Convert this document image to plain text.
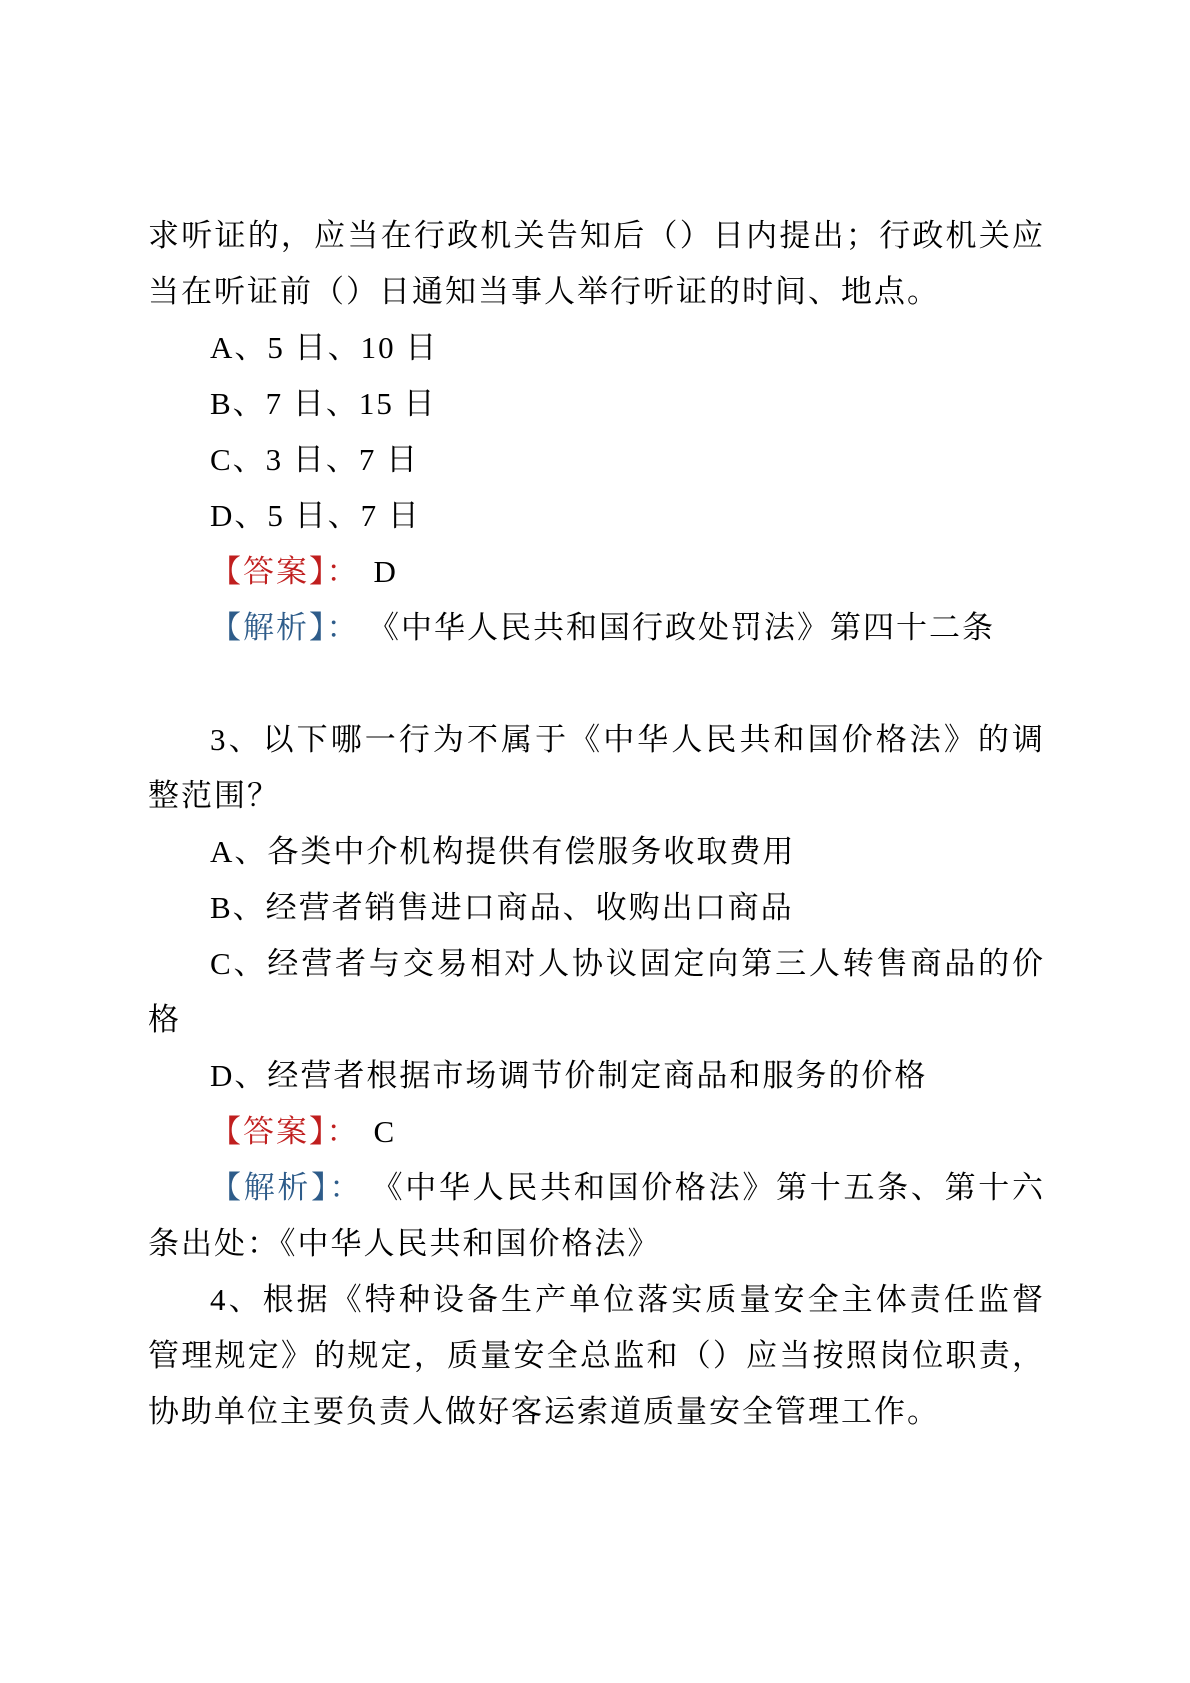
求听证的，应当在行政机关告知后（）日内提出；行政机关应当在听证前（）日通知当事人举行听证的时间、地点。

A、5 日、10 日

B、7 日、15 日

C、3 日、7 日

D、5 日、7 日

【答案】： D

【解析】： 《中华人民共和国行政处罚法》第四十二条

3、以下哪一行为不属于《中华人民共和国价格法》的调整范围？

A、各类中介机构提供有偿服务收取费用

B、经营者销售进口商品、收购出口商品

C、经营者与交易相对人协议固定向第三人转售商品的价格

D、经营者根据市场调节价制定商品和服务的价格

【答案】： C

【解析】： 《中华人民共和国价格法》第十五条、第十六条出处：《中华人民共和国价格法》

4、根据《特种设备生产单位落实质量安全主体责任监督管理规定》的规定，质量安全总监和（）应当按照岗位职责，协助单位主要负责人做好客运索道质量安全管理工作。
